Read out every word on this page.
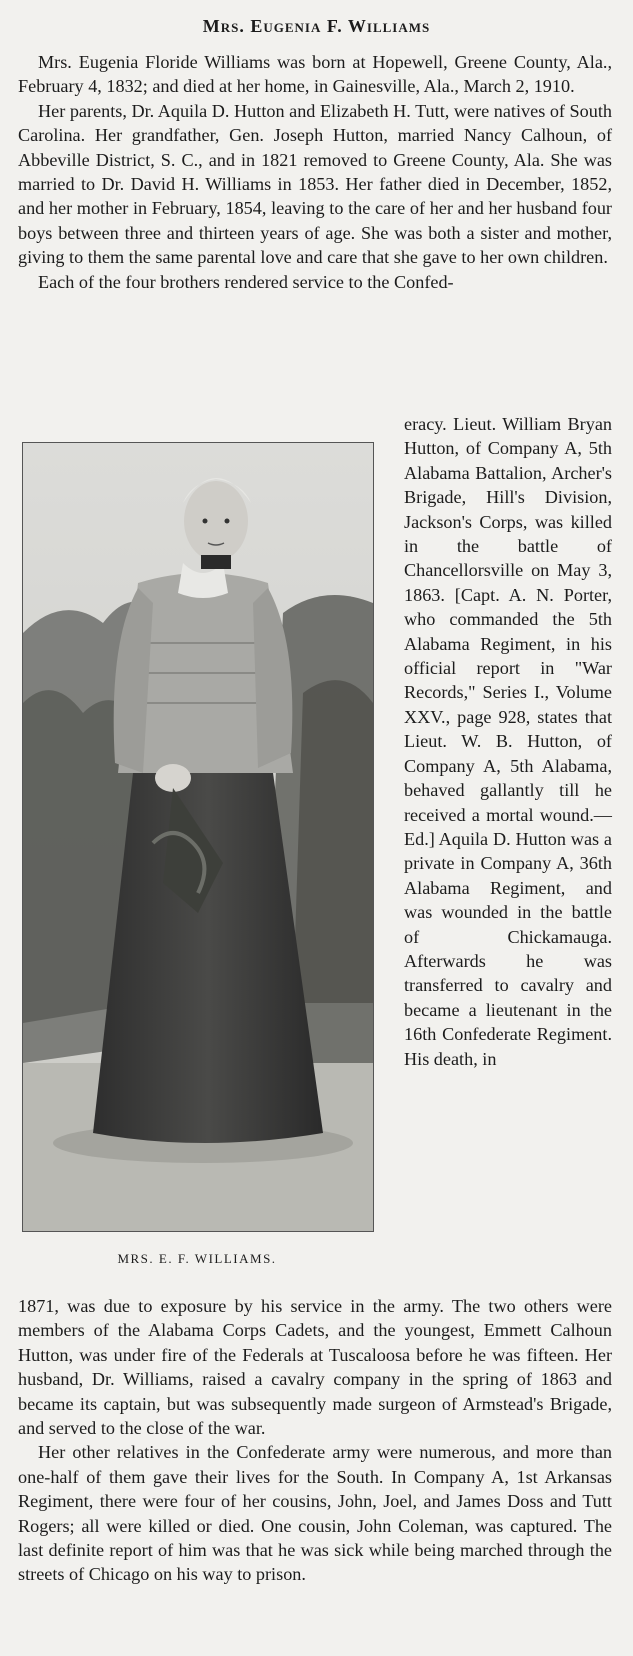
Mrs. Eugenia F. Williams

Mrs. Eugenia Floride Williams was born at Hopewell, Greene County, Ala., February 4, 1832; and died at her home, in Gainesville, Ala., March 2, 1910.

Her parents, Dr. Aquila D. Hutton and Elizabeth H. Tutt, were natives of South Carolina. Her grandfather, Gen. Joseph Hutton, married Nancy Calhoun, of Abbeville District, S. C., and in 1821 removed to Greene County, Ala. She was married to Dr. David H. Williams in 1853. Her father died in December, 1852, and her mother in February, 1854, leaving to the care of her and her husband four boys between three and thirteen years of age. She was both a sister and mother, giving to them the same parental love and care that she gave to her own children.

Each of the four brothers rendered service to the Confed-

MRS. E. F. WILLIAMS.

eracy. Lieut. William Bryan Hutton, of Company A, 5th Alabama Battalion, Archer's Brigade, Hill's Division, Jackson's Corps, was killed in the battle of Chancellorsville on May 3, 1863. [Capt. A. N. Porter, who commanded the 5th Alabama Regiment, in his official report in "War Records," Series I., Volume XXV., page 928, states that Lieut. W. B. Hutton, of Company A, 5th Alabama, behaved gallantly till he received a mortal wound.—Ed.] Aquila D. Hutton was a private in Company A, 36th Alabama Regiment, and was wounded in the battle of Chickamauga. Afterwards he was transferred to cavalry and became a lieutenant in the 16th Confederate Regiment. His death, in

1871, was due to exposure by his service in the army. The two others were members of the Alabama Corps Cadets, and the youngest, Emmett Calhoun Hutton, was under fire of the Federals at Tuscaloosa before he was fifteen. Her husband, Dr. Williams, raised a cavalry company in the spring of 1863 and became its captain, but was subsequently made surgeon of Armstead's Brigade, and served to the close of the war.

Her other relatives in the Confederate army were numerous, and more than one-half of them gave their lives for the South. In Company A, 1st Arkansas Regiment, there were four of her cousins, John, Joel, and James Doss and Tutt Rogers; all were killed or died. One cousin, John Coleman, was captured. The last definite report of him was that he was sick while being marched through the streets of Chicago on his way to prison.
